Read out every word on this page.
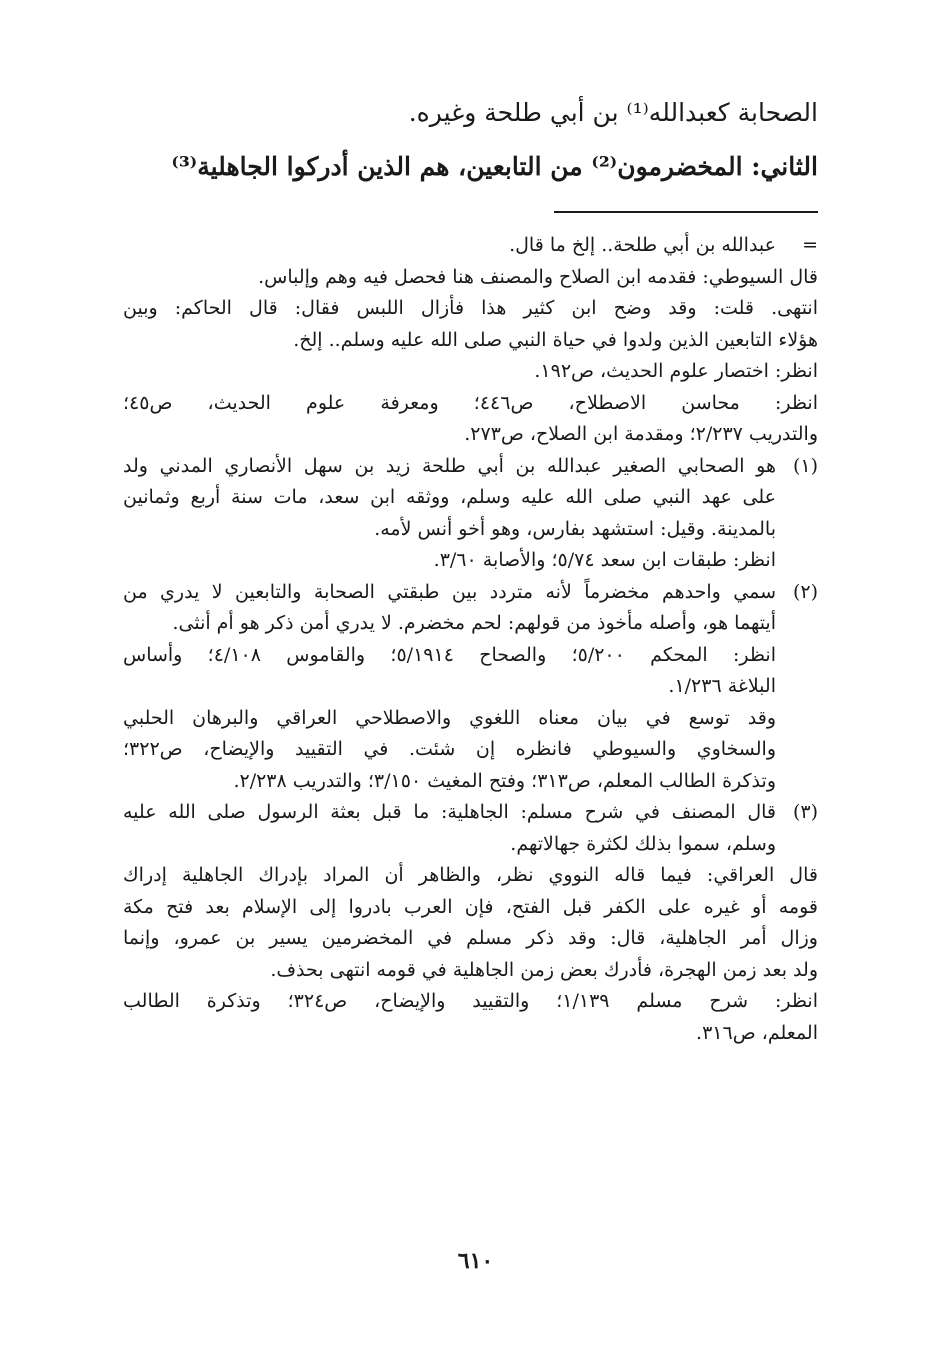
الصحابة كعبدالله⁽¹⁾ بن أبي طلحة وغيره.
الثاني: المخضرمون⁽²⁾ من التابعين، هم الذين أدركوا الجاهلية⁽³⁾
=
عبدالله بن أبي طلحة.. إلخ ما قال.
قال السيوطي: فقدمه ابن الصلاح والمصنف هنا فحصل فيه وهم وإلباس.
انتهى. قلت: وقد وضح ابن كثير هذا فأزال اللبس فقال: قال الحاكم: وبين
هؤلاء التابعين الذين ولدوا في حياة النبي صلى الله عليه وسلم.. إلخ.
انظر: اختصار علوم الحديث، ص١٩٢.
انظر: محاسن الاصطلاح، ص٤٤٦؛ ومعرفة علوم الحديث، ص٤٥؛
والتدريب ٢/٢٣٧؛ ومقدمة ابن الصلاح، ص٢٧٣.
(١)
هو الصحابي الصغير عبدالله بن أبي طلحة زيد بن سهل الأنصاري المدني ولد
على عهد النبي صلى الله عليه وسلم، ووثقه ابن سعد، مات سنة أربع وثمانين
بالمدينة. وقيل: استشهد بفارس، وهو أخو أنس لأمه.
انظر: طبقات ابن سعد ٥/٧٤؛ والأصابة ٣/٦٠.
(٢)
سمي واحدهم مخضرماً لأنه متردد بين طبقتي الصحابة والتابعين لا يدري من
أيتهما هو، وأصله مأخوذ من قولهم: لحم مخضرم. لا يدري أمن ذكر هو أم أنثى.
انظر: المحكم ٥/٢٠٠؛ والصحاح ٥/١٩١٤؛ والقاموس ٤/١٠٨؛ وأساس
البلاغة ١/٢٣٦.
وقد توسع في بيان معناه اللغوي والاصطلاحي العراقي والبرهان الحلبي
والسخاوي والسيوطي فانظره إن شئت. في التقييد والإيضاح، ص٣٢٢؛
وتذكرة الطالب المعلم، ص٣١٣؛ وفتح المغيث ٣/١٥٠؛ والتدريب ٢/٢٣٨.
(٣)
قال المصنف في شرح مسلم: الجاهلية: ما قبل بعثة الرسول صلى الله عليه
وسلم، سموا بذلك لكثرة جهالاتهم.
قال العراقي: فيما قاله النووي نظر، والظاهر أن المراد بإدراك الجاهلية إدراك
قومه أو غيره على الكفر قبل الفتح، فإن العرب بادروا إلى الإسلام بعد فتح مكة
وزال أمر الجاهلية، قال: وقد ذكر مسلم في المخضرمين يسير بن عمرو، وإنما
ولد بعد زمن الهجرة، فأدرك بعض زمن الجاهلية في قومه انتهى بحذف.
انظر: شرح مسلم ١/١٣٩؛ والتقييد والإيضاح، ص٣٢٤؛ وتذكرة الطالب
المعلم، ص٣١٦.
٦١٠
